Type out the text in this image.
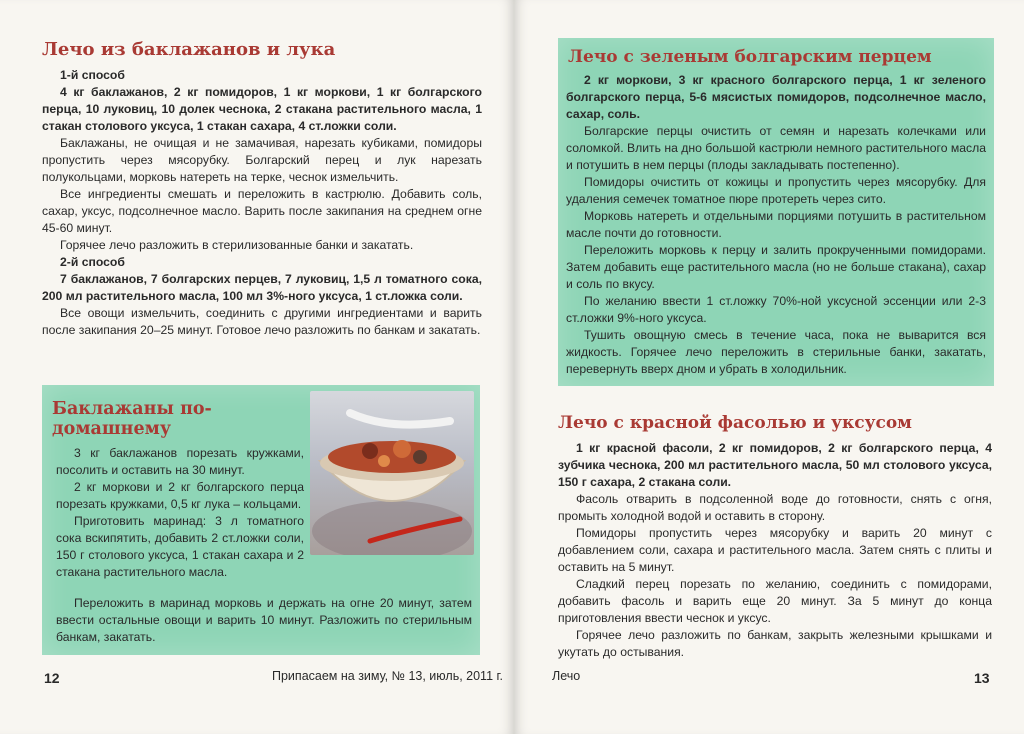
Лечо из баклажанов и лука

1-й способ

4 кг баклажанов, 2 кг помидоров, 1 кг моркови, 1 кг болгарского перца, 10 луковиц, 10 долек чеснока, 2 стакана растительного масла, 1 стакан столового уксуса, 1 стакан сахара, 4 ст.ложки соли.

Баклажаны, не очищая и не замачивая, нарезать кубиками, помидоры пропустить через мясорубку. Болгарский перец и лук нарезать полукольцами, морковь натереть на терке, чеснок измельчить.

Все ингредиенты смешать и переложить в кастрюлю. Добавить соль, сахар, уксус, подсолнечное масло. Варить после закипания на среднем огне 45-60 минут.

Горячее лечо разложить в стерилизованные банки и закатать.

2-й способ

7 баклажанов, 7 болгарских перцев, 7 луковиц, 1,5 л томатного сока, 200 мл растительного масла, 100 мл 3%-ного уксуса, 1 ст.ложка соли.

Все овощи измельчить, соединить с другими ингредиентами и варить после закипания 20–25 минут. Готовое лечо разложить по банкам и закатать.

Баклажаны по-домашнему

3 кг баклажанов порезать кружками, посолить и оставить на 30 минут.

2 кг моркови и 2 кг болгарского перца порезать кружками, 0,5 кг лука – кольцами.

Приготовить маринад: 3 л томатного сока вскипятить, добавить 2 ст.ложки соли, 150 г столового уксуса, 1 стакан сахара и 2 стакана растительного масла.

Переложить в маринад морковь и держать на огне 20 минут, затем ввести остальные овощи и варить 10 минут. Разложить по стерильным банкам, закатать.

12	Припасаем на зиму, № 13, июль, 2011 г.
Лечо с зеленым болгарским перцем

2 кг моркови, 3 кг красного болгарского перца, 1 кг зеленого болгарского перца, 5-6 мясистых помидоров, подсолнечное масло, сахар, соль.

Болгарские перцы очистить от семян и нарезать колечками или соломкой. Влить на дно большой кастрюли немного растительного масла и потушить в нем перцы (плоды закладывать постепенно).

Помидоры очистить от кожицы и пропустить через мясорубку. Для удаления семечек томатное пюре протереть через сито.

Морковь натереть и отдельными порциями потушить в растительном масле почти до готовности.

Переложить морковь к перцу и залить прокрученными помидорами. Затем добавить еще растительного масла (но не больше стакана), сахар и соль по вкусу.

По желанию ввести 1 ст.ложку 70%-ной уксусной эссенции или 2-3 ст.ложки 9%-ного уксуса.

Тушить овощную смесь в течение часа, пока не выварится вся жидкость. Горячее лечо переложить в стерильные банки, закатать, перевернуть вверх дном и убрать в холодильник.

Лечо с красной фасолью и уксусом

1 кг красной фасоли, 2 кг помидоров, 2 кг болгарского перца, 4 зубчика чеснока, 200 мл растительного масла, 50 мл столового уксуса, 150 г сахара, 2 стакана соли.

Фасоль отварить в подсоленной воде до готовности, снять с огня, промыть холодной водой и оставить в сторону.

Помидоры пропустить через мясорубку и варить 20 минут с добавлением соли, сахара и растительного масла. Затем снять с плиты и оставить на 5 минут.

Сладкий перец порезать по желанию, соединить с помидорами, добавить фасоль и варить еще 20 минут. За 5 минут до конца приготовления ввести чеснок и уксус.

Горячее лечо разложить по банкам, закрыть железными крышками и укутать до остывания.

Лечо	13
